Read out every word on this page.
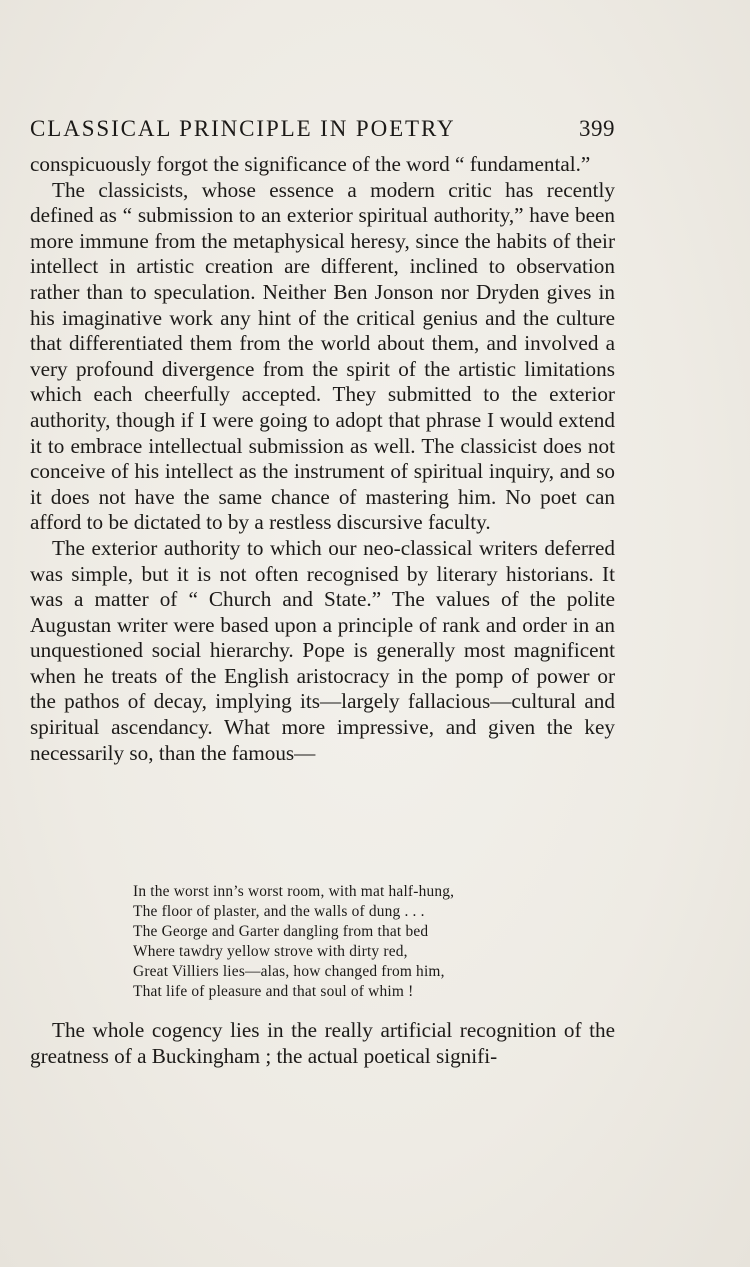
CLASSICAL PRINCIPLE IN POETRY	399

conspicuously forgot the significance of the word “ fundamental.”

The classicists, whose essence a modern critic has recently defined as “ submission to an exterior spiritual authority,” have been more immune from the metaphysical heresy, since the habits of their intellect in artistic creation are different, inclined to observation rather than to speculation. Neither Ben Jonson nor Dryden gives in his imaginative work any hint of the critical genius and the culture that differentiated them from the world about them, and involved a very profound divergence from the spirit of the artistic limitations which each cheerfully accepted. They submitted to the exterior authority, though if I were going to adopt that phrase I would extend it to embrace intellectual submission as well. The classicist does not conceive of his intellect as the instrument of spiritual inquiry, and so it does not have the same chance of mastering him. No poet can afford to be dictated to by a restless discursive faculty.

The exterior authority to which our neo-classical writers deferred was simple, but it is not often recognised by literary historians. It was a matter of “ Church and State.” The values of the polite Augustan writer were based upon a principle of rank and order in an unquestioned social hierarchy. Pope is generally most magnificent when he treats of the English aristocracy in the pomp of power or the pathos of decay, implying its—largely fallacious—cultural and spiritual ascendancy. What more impressive, and given the key necessarily so, than the famous—

In the worst inn’s worst room, with mat half-hung,
The floor of plaster, and the walls of dung . . .
The George and Garter dangling from that bed
Where tawdry yellow strove with dirty red,
Great Villiers lies—alas, how changed from him,
That life of pleasure and that soul of whim !

The whole cogency lies in the really artificial recognition of the greatness of a Buckingham ; the actual poetical signifi-
